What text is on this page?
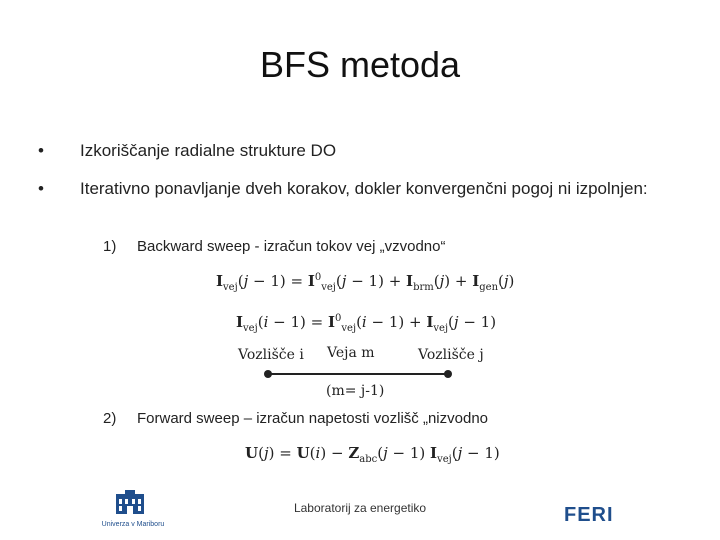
BFS metoda
• Izkoriščanje radialne strukture DO
• Iterativno ponavljanje dveh korakov, dokler konvergenčni pogoj ni izpolnjen:
1) Backward sweep - izračun tokov vej „vzvodno“
$I_{vej}(j - 1) = I^0_{vej}(j - 1) + I_{brm}(j) + I_{gen}(j)$
$I_{vej}(i - 1) = I^0_{vej}(i - 1) + I_{vej}(j - 1)$
Vozlišče i Veja m	Vozlišče j
(m= j-1)
2) Forward sweep – izračun napetosti vozlišč „nizvodno
$U(j) = U(i) - Z_{abc}(j - 1) I_{vej}(j - 1)$
Laboratorij za energetiko
Univerza v Mariboru	FERI
